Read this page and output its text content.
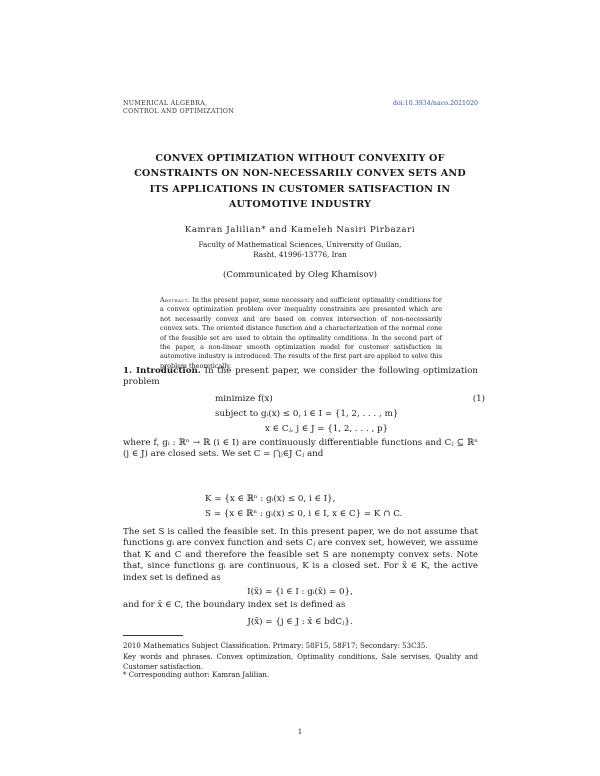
NUMERICAL ALGEBRA,
CONTROL AND OPTIMIZATION
doi:10.3934/naco.2021020
CONVEX OPTIMIZATION WITHOUT CONVEXITY OF
CONSTRAINTS ON NON-NECESSARILY CONVEX SETS AND
ITS APPLICATIONS IN CUSTOMER SATISFACTION IN
AUTOMOTIVE INDUSTRY
Kamran Jalilian* and Kameleh Nasiri Pirbazari
Faculty of Mathematical Sciences, University of Guilan,
Rasht, 41996-13776, Iran
(Communicated by Oleg Khamisov)
Abstract. In the present paper, some necessary and sufficient optimality conditions for a convex optimization problem over inequality constraints are presented which are not necessarily convex and are based on convex intersection of non-necessarily convex sets. The oriented distance function and a characterization of the normal cone of the feasible set are used to obtain the optimality conditions. In the second part of the paper, a non-linear smooth optimization model for customer satisfaction in automotive industry is introduced. The results of the first part are applied to solve this problem theoretically.
1. Introduction. In the present paper, we consider the following optimization problem
minimize f(x)	(1)
subject to gᵢ(x) ≤ 0, i ∈ I = {1, 2, . . . , m}
x ∈ Cⱼ, j ∈ J = {1, 2, . . . , p}
where f, gᵢ : ℝⁿ → ℝ (i ∈ I) are continuously differentiable functions and Cⱼ ⊆ ℝⁿ (j ∈ J) are closed sets. We set C = ⋂ⱼ∈J Cⱼ and
K = {x ∈ ℝⁿ : gᵢ(x) ≤ 0, i ∈ I},
S = {x ∈ ℝⁿ : gᵢ(x) ≤ 0, i ∈ I, x ∈ C} = K ∩ C.
The set S is called the feasible set. In this present paper, we do not assume that functions gᵢ are convex function and sets Cⱼ are convex set, however, we assume that K and C and therefore the feasible set S are nonempty convex sets. Note that, since functions gᵢ are continuous, K is a closed set. For x̄ ∈ K, the active index set is defined as
I(x̄) = {i ∈ I : gᵢ(x̄) = 0},
and for x̄ ∈ C, the boundary index set is defined as
J(x̄) = {j ∈ J : x̄ ∈ bdCⱼ}.
2010 Mathematics Subject Classification. Primary: 58F15, 58F17; Secondary: 53C35.
Key words and phrases. Convex optimization, Optimality conditions, Sale servises, Quality and Customer satisfaction.
* Corresponding author: Kamran Jalilian.
1
